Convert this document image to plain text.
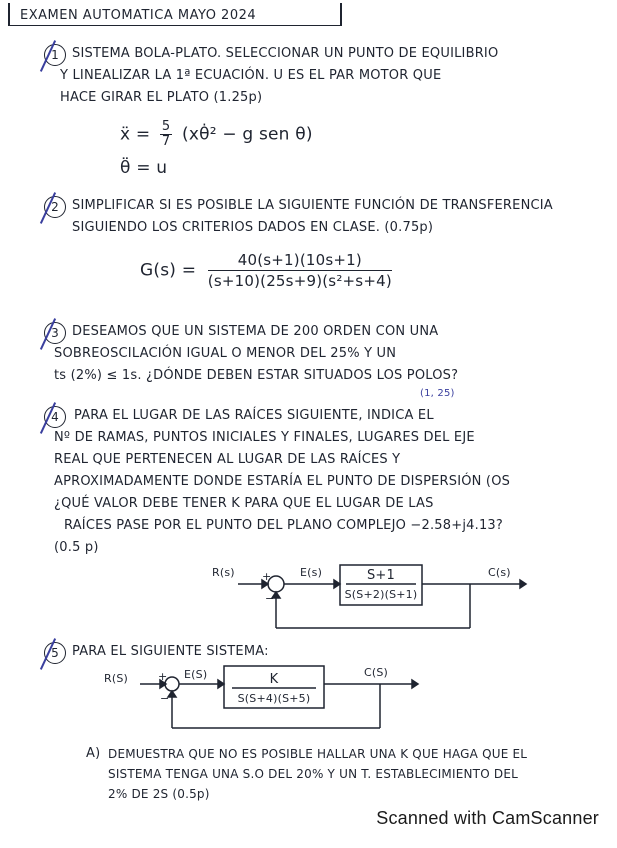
EXAMEN AUTOMATICA MAYO 2024
1	SISTEMA BOLA-PLATO. SELECCIONAR UN PUNTO DE EQUILIBRIO
Y LINEALIZAR LA 1ª ECUACIÓN. U ES EL PAR MOTOR QUE
HACE GIRAR EL PLATO (1.25p)
ẍ = $\frac{5}{7}$ (xθ̇² − g sen θ)
θ̈ = u
2	SIMPLIFICAR SI ES POSIBLE LA SIGUIENTE FUNCIÓN DE TRANSFERENCIA
SIGUIENDO LOS CRITERIOS DADOS EN CLASE. (0.75p)
$G(s) = \frac{40(s+1)(10s+1)}{\text{(s+10)(25s+9)(s²+s+4)}}$
3	DESEAMOS QUE UN SISTEMA DE 200 ORDEN CON UNA
SOBREOSCILACIÓN IGUAL O MENOR DEL 25% Y UN
ts (2%) ≤ 1s. ¿DÓNDE DEBEN ESTAR SITUADOS LOS POLOS?
(1, 25)
4	PARA EL LUGAR DE LAS RAÍCES SIGUIENTE, INDICA EL
Nº DE RAMAS, PUNTOS INICIALES Y FINALES, LUGARES DEL EJE
REAL QUE PERTENECEN AL LUGAR DE LAS RAÍCES Y
APROXIMADAMENTE DONDE ESTARÍA EL PUNTO DE DISPERSIÓN (OS
¿QUÉ VALOR DEBE TENER K PARA QUE EL LUGAR DE LAS
RAÍCES PASE POR EL PUNTO DEL PLANO COMPLEJO −2.58+j4.13?
(0.5 p)
R(s)	E(s)	C(s)
+
−
S+1
S(S+2)(S+1)
5	PARA EL SIGUIENTE SISTEMA:
R(S)	E(S)	C(S)
+
−
K
S(S+4)(S+5)
A) DEMUESTRA QUE NO ES POSIBLE HALLAR UNA K QUE HAGA QUE EL
SISTEMA TENGA UNA S.O DEL 20% Y UN T. ESTABLECIMIENTO DEL
2% DE 2S (0.5p)
Scanned with CamScanner
